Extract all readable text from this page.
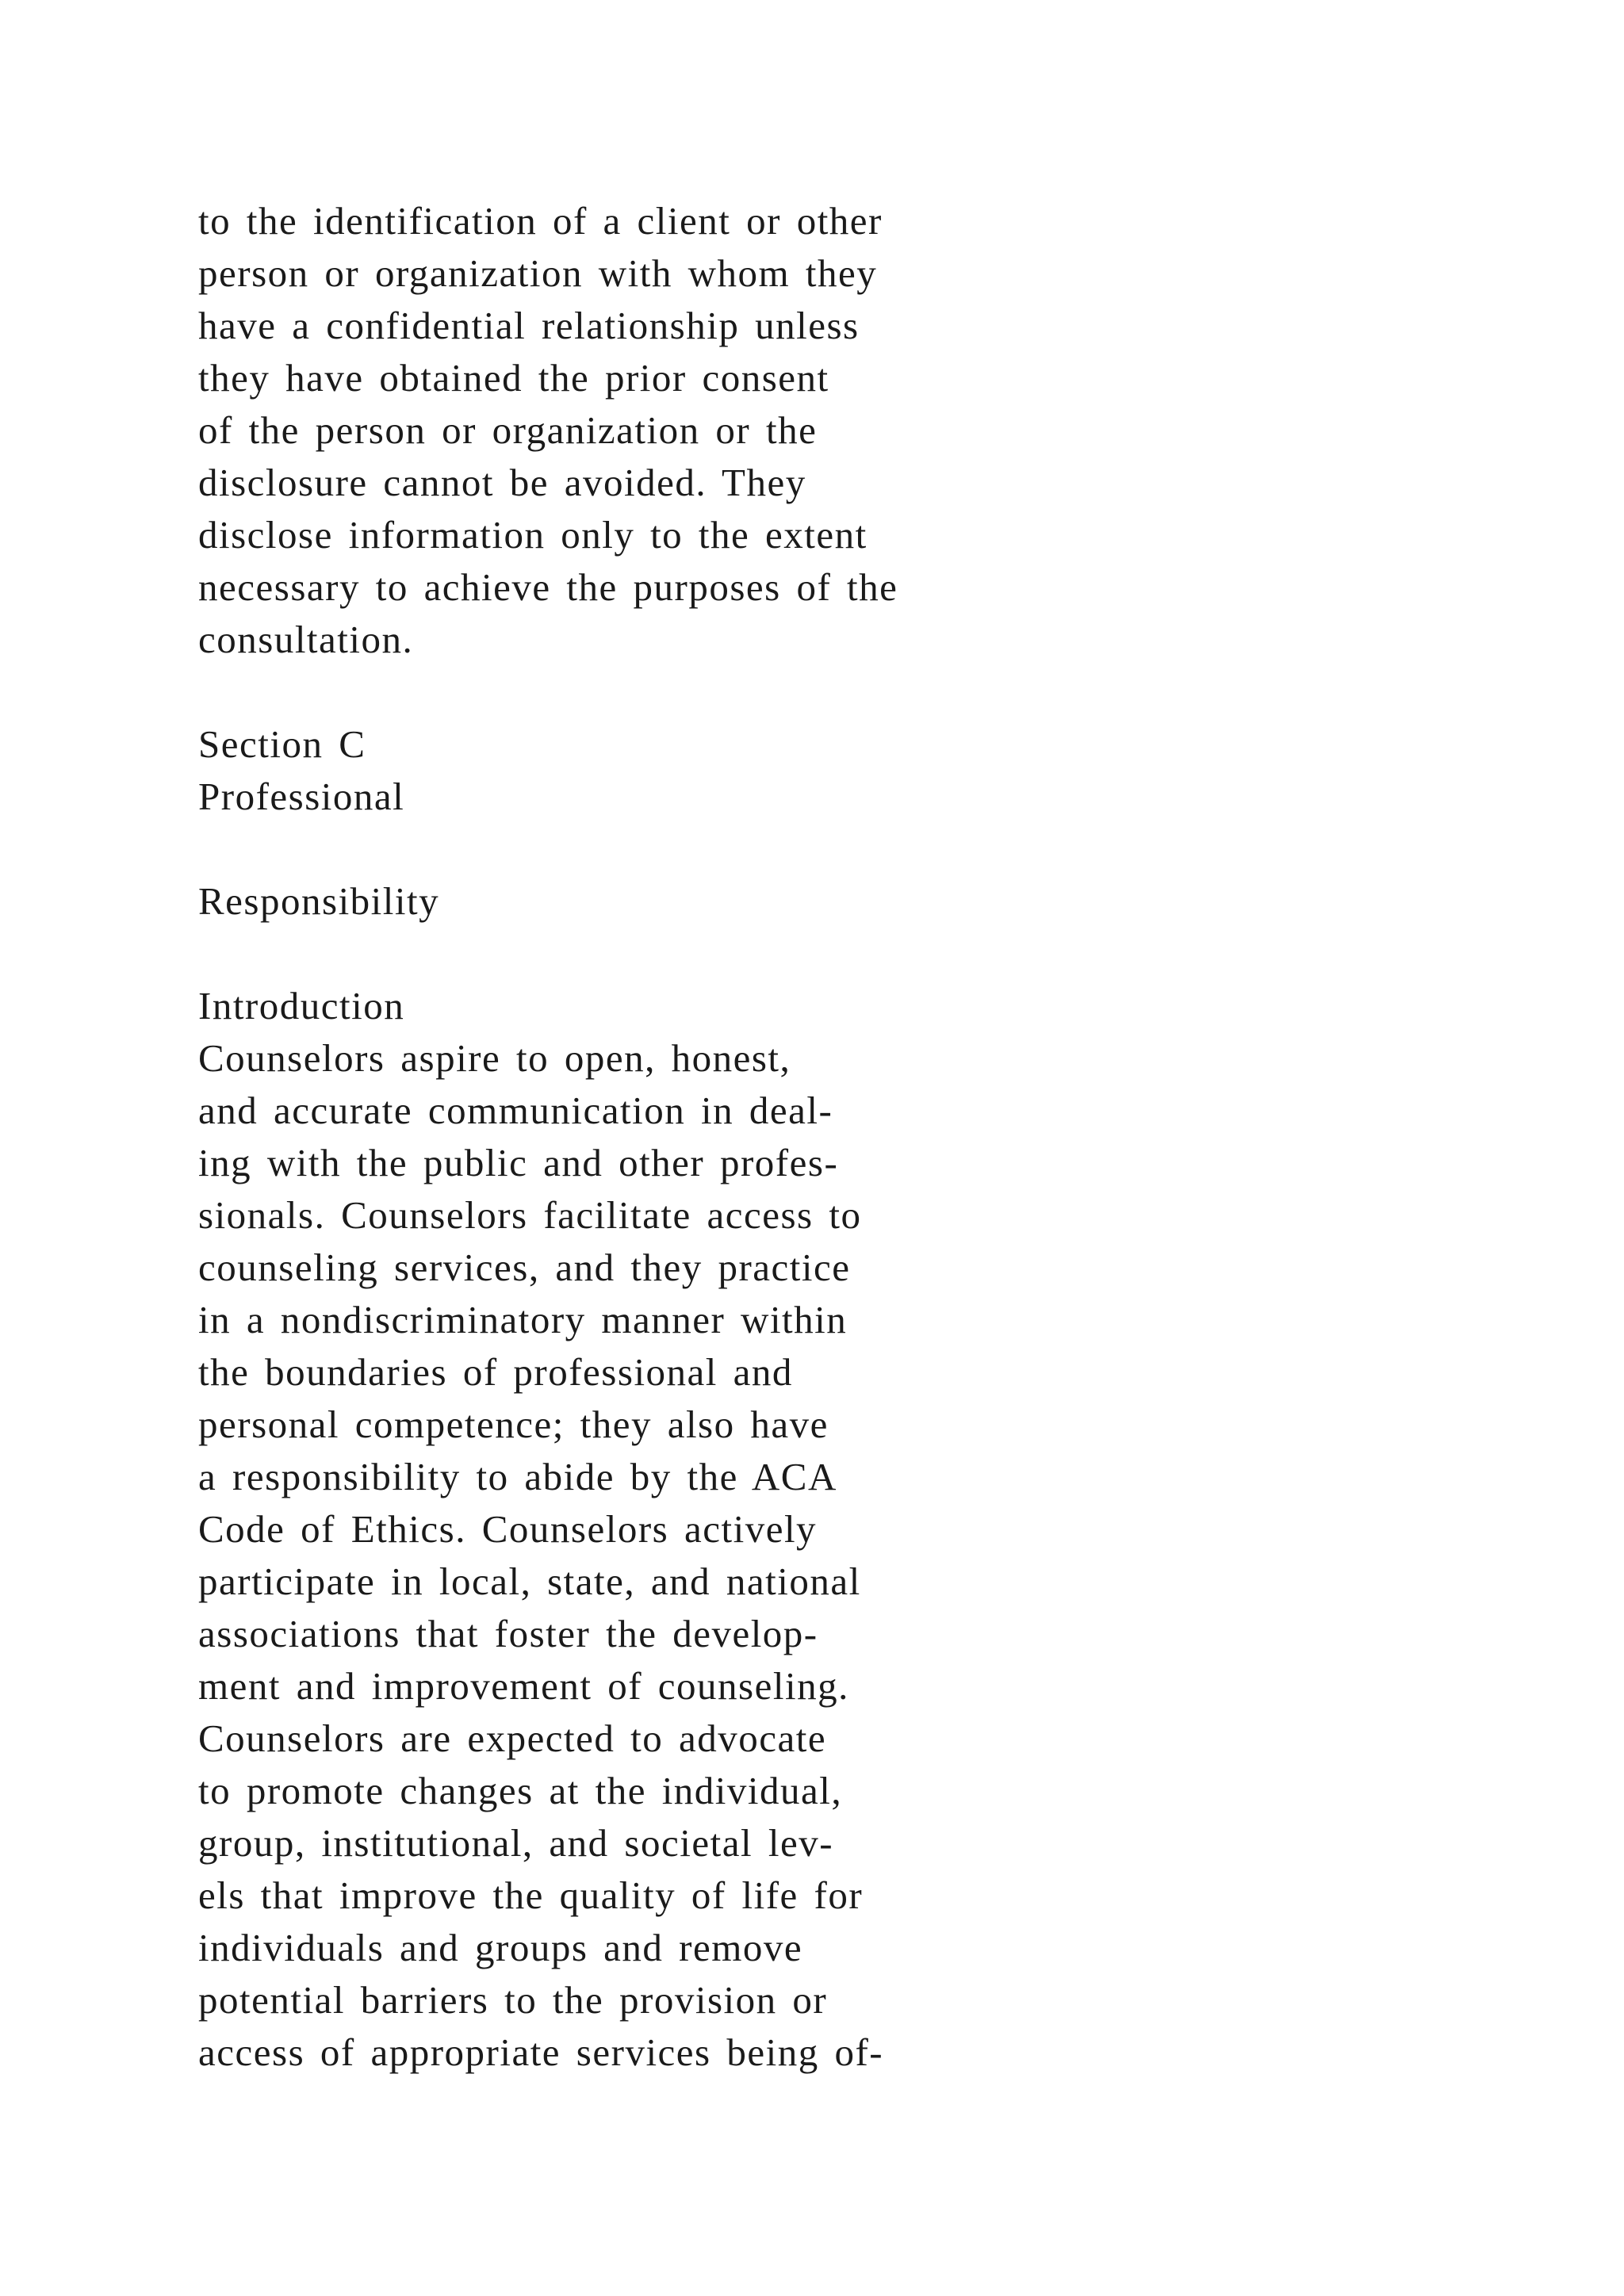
to the identification of a client or other
person or organization with whom they
have a confidential relationship unless
they have obtained the prior consent
of the person or organization or the
disclosure cannot be avoided. They
disclose information only to the extent
necessary to achieve the purposes of the
consultation.
Section C
Professional
Responsibility
Introduction
Counselors aspire to open, honest,
and accurate communication in deal-
ing with the public and other profes-
sionals. Counselors facilitate access to
counseling services, and they practice
in a nondiscriminatory manner within
the boundaries of professional and
personal competence; they also have
a responsibility to abide by the ACA
Code of Ethics. Counselors actively
participate in local, state, and national
associations that foster the develop-
ment and improvement of counseling.
Counselors are expected to advocate
to promote changes at the individual,
group, institutional, and societal lev-
els that improve the quality of life for
individuals and groups and remove
potential barriers to the provision or
access of appropriate services being of-
